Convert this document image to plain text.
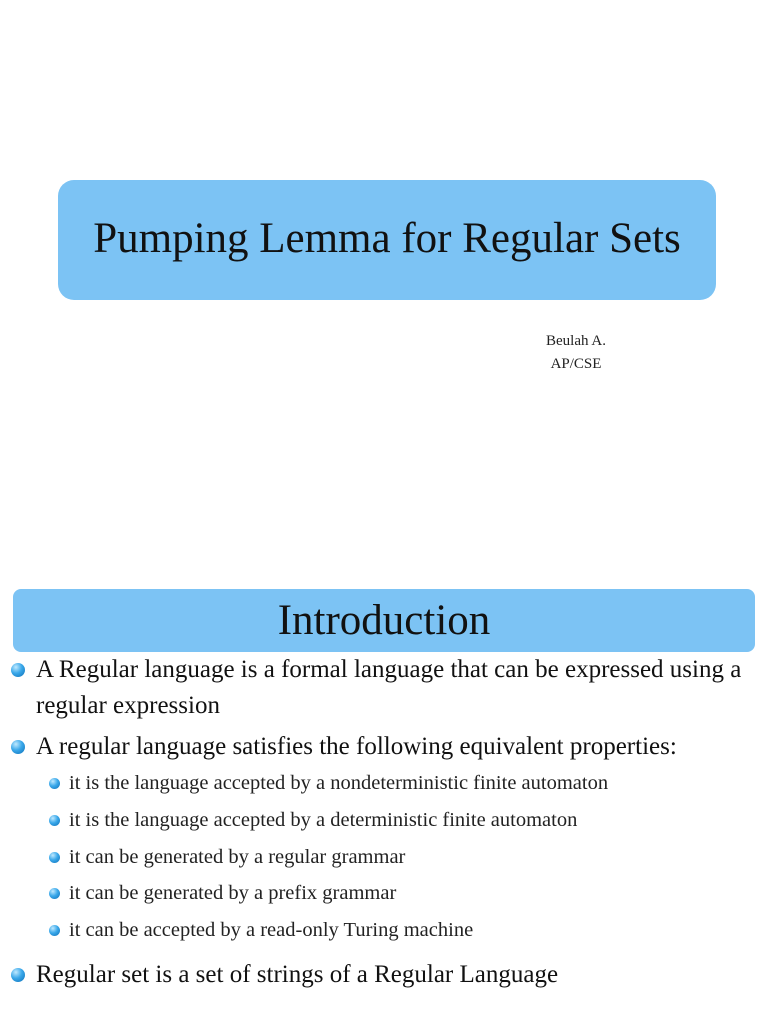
Pumping Lemma for Regular Sets
Beulah A.
AP/CSE
Introduction
A Regular language is a formal language that can be expressed using a regular expression
A regular language satisfies the following equivalent properties:
it is the language accepted by a nondeterministic finite automaton
it is the language accepted by a deterministic finite automaton
it can be generated by a regular grammar
it can be generated by a prefix grammar
it can be accepted by a read-only Turing machine
Regular set is a set of strings of a Regular Language
